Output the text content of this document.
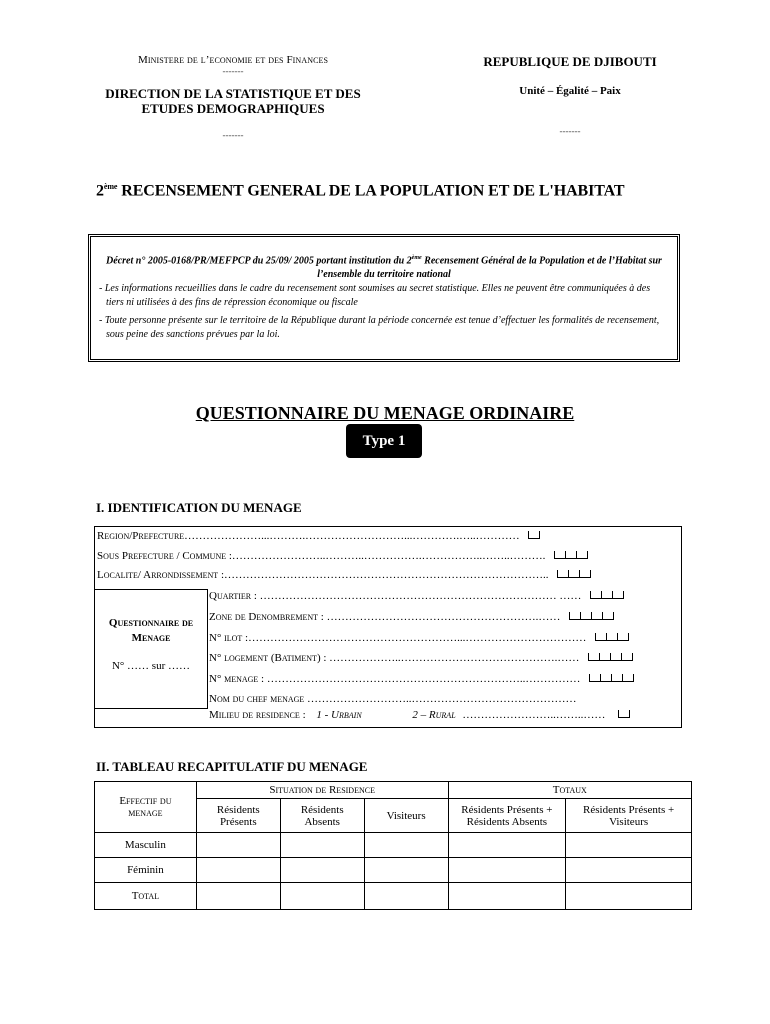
Ministere de l’economie et des Finances
-------
DIRECTION DE LA STATISTIQUE ET DES ETUDES DEMOGRAPHIQUES
-------
REPUBLIQUE DE DJIBOUTI
Unité – Égalité – Paix
-------
2ème RECENSEMENT GENERAL DE LA POPULATION ET DE L'HABITAT
Décret n° 2005-0168/PR/MEFPCP du 25/09/ 2005 portant institution du 2ème Recensement Général de la Population et de l’Habitat sur l’ensemble du territoire national
- Les informations recueillies dans le cadre du recensement sont soumises au secret statistique. Elles ne peuvent être communiquées à des tiers ni utilisées à des fins de répression économique ou fiscale
- Toute personne présente sur le territoire de la République durant la période concernée est tenue d’effectuer les formalités de recensement, sous peine des sanctions prévues par la loi.
QUESTIONNAIRE DU MENAGE ORDINAIRE
Type 1
I. IDENTIFICATION DU MENAGE
Region/Prefecture…………………...……….………………………...………….…..…………
Sous Prefecture / Commune :……………………..………..…………….……………..……..……….
Localite/ Arrondissement :……………………………………………………………………………..
Questionnaire de Menage
N° …… sur ……
Quartier : ……………………………………………………………………… ……
Zone de Denombrement : ………………………………………………….……
N° ilot :…………………………………………………...……………………………
N° logement (Batiment) : ………………..…………………………………….……
N° menage : ……………………………………………………………..……………
Nom du chef menage ………………………..………………………………………
Milieu de residence : 1 - Urbain	2 – Rural ……………………..……..……
II. TABLEAU RECAPITULATIF DU MENAGE
Effectif du menage	Situation de Residence			Totaux	
	Résidents Présents	Résidents Absents	Visiteurs	Résidents Présents + Résidents Absents	Résidents Présents + Visiteurs
Masculin					
Féminin					
Total					
